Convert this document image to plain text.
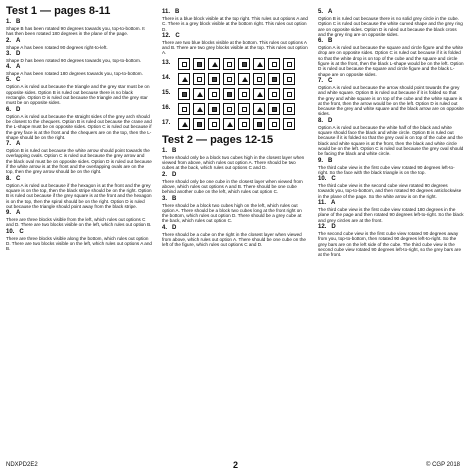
Test 1 — pages 8-11
1.   B
Shape B has been rotated 90 degrees towards you, top-to-bottom. It has then been rotated 180 degrees in the plane of the page.
2.   A
Shape A has been rotated 90 degrees right-to-left.
3.   D
Shape D has been rotated 90 degrees towards you, top-to-bottom.
4.   A
Shape A has been rotated 180 degrees towards you, top-to-bottom.
5.   C
Option A is ruled out because the triangle and the grey star must be on opposite sides. Option B is ruled out because there is no black rectangle. Option D is ruled out because the triangle and the grey star must be on opposite sides.
6.   D
Option A is ruled out because the straight sides of the grey arch should be closest to the chequers. Option B is ruled out because the crane and the L-shape must be on opposite sides. Option C is ruled out because if the grey face is at the front and the chequers are on the top, then the L-shape should be on the right.
7.   A
Option B is ruled out because the white arrow should point towards the overlapping ovals. Option C is ruled out because the grey arrow and the black oval must be on opposite sides. Option D is ruled out because if the white arrow is at the front and the overlapping ovals are on the top, then the grey arrow should be on the right.
8.   C
Option A is ruled out because if the hexagon is at the front and the grey square is on the top, then the black stripe should be on the right. Option B is ruled out because if the grey square is at the front and the hexagon is on the top, then the spiral should be on the right. Option D is ruled out because the triangle should point away from the black stripe.
9.   A
There are three blocks visible from the left, which rules out options C and D. There are two blocks visible on the left, which rules out option B.
10.   C
There are three blocks visible along the bottom, which rules out option D. There are two blocks visible on the left, which rules out options A and B.
11.   B
There is a blue block visible at the top right. This rules out options A and C. There is a grey block visible at the bottom right. This rules out option D.
12.   C
There are two blue blocks visible at the bottom. This rules out options A and B. There are two grey blocks visible at the top. This rules out option A.
13.
14.
15.
16.
17.
Test 2 — pages 12-15
1.   B
There should only be a block two cubes high in the closest layer when viewed from above, which rules out option A. There should be two cubes at the back, which rules out options C and D.
2.   D
There should only be one cube in the closest layer when viewed from above, which rules out options A and B. There should be one cube behind another cube on the left, which rules out option C.
3.   B
There should be a block two cubes high on the left, which rules out option A. There should be a block two cubes long at the front right on the bottom, which rules out option D. There should be a grey cube at the back, which rules out option C.
4.   D
There should be a cube on the right in the closest layer when viewed from above, which rules out option A. There should be one cube on the left of the figure, which rules out options C and D.
5.   A
Option B is ruled out because there is no solid grey circle in the cube. Option C is ruled out because the white curved shape and the grey ring are on opposite sides. Option D is ruled out because the black cross and the grey ring are on opposite sides.
6.   B
Option A is ruled out because the square and circle figure and the white drop are on opposite sides. Option C is ruled out because if it is folded so that the white drop is on top of the cube and the square and circle figure is at the front, then the black L-shape would be on the left. Option D is ruled out because the square and circle figure and the black L-shape are on opposite sides.
7.   C
Option A is ruled out because the arrow should point towards the grey and white square. Option B is ruled out because if it is folded so that the grey and white square is on top of the cube and the white square is at the front, then the arrow would be on the left. Option D is ruled out because the grey and white square and the black arrow are on opposite sides.
8.   D
Option A is ruled out because the white half of the black and white square should face the black and white circle. Option B is ruled out because if it is folded so that the grey oval is on top of the cube and the black and white square is at the front, then the black and white circle would be on the left. Option C is ruled out because the grey oval should be facing the black and white circle.
9.   B
The third cube view is the first cube view rotated 90 degrees left-to-right. So the face with the black triangle is on the top.
10.   C
The third cube view is the second cube view rotated 90 degrees towards you, top-to-bottom, and then rotated 90 degrees anticlockwise in the plane of the page. So the white arrow is on the right.
11.   A
The third cube view is the first cube view rotated 180 degrees in the plane of the page and then rotated 90 degrees left-to-right. So the black and grey circles are at the front.
12.   D
The second cube view is the first cube view rotated 90 degrees away from you, top-to-bottom, then rotated 90 degrees left-to-right. So the grey bars are on the left side of the cube. The third cube view is the second cube view rotated 90 degrees left-to-right, so the grey bars are at the front.
NDXPD2E2	2	© CGP 2018
